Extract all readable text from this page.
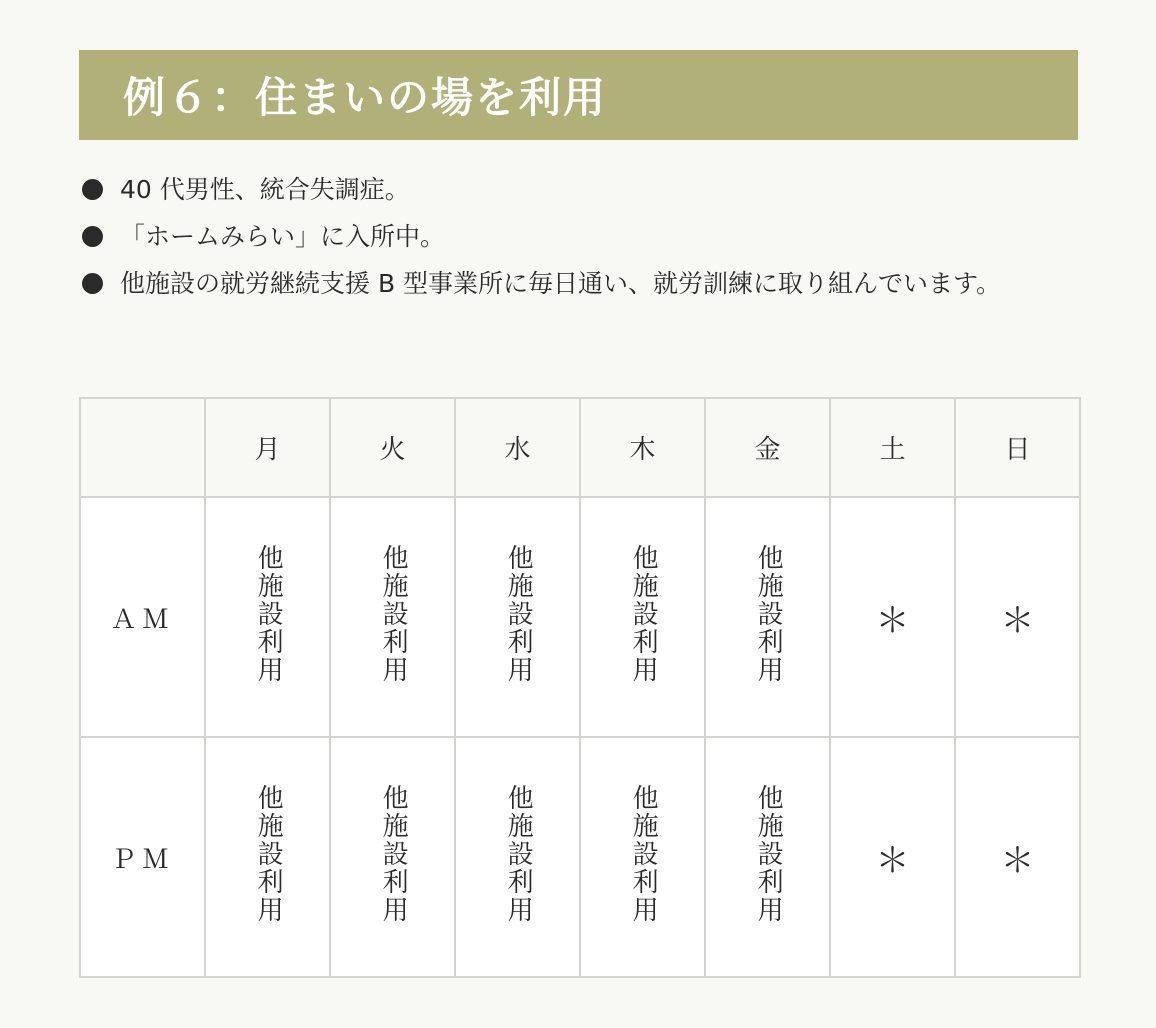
例６：住まいの場を利用
40 代男性、統合失調症。
「ホームみらい」に入所中。
他施設の就労継続支援 B 型事業所に毎日通い、就労訓練に取り組んでいます。
	月	火	水	木	金	土	日
ＡＭ	他施設利用	他施設利用	他施設利用	他施設利用	他施設利用	＊	＊
ＰＭ	他施設利用	他施設利用	他施設利用	他施設利用	他施設利用	＊	＊
